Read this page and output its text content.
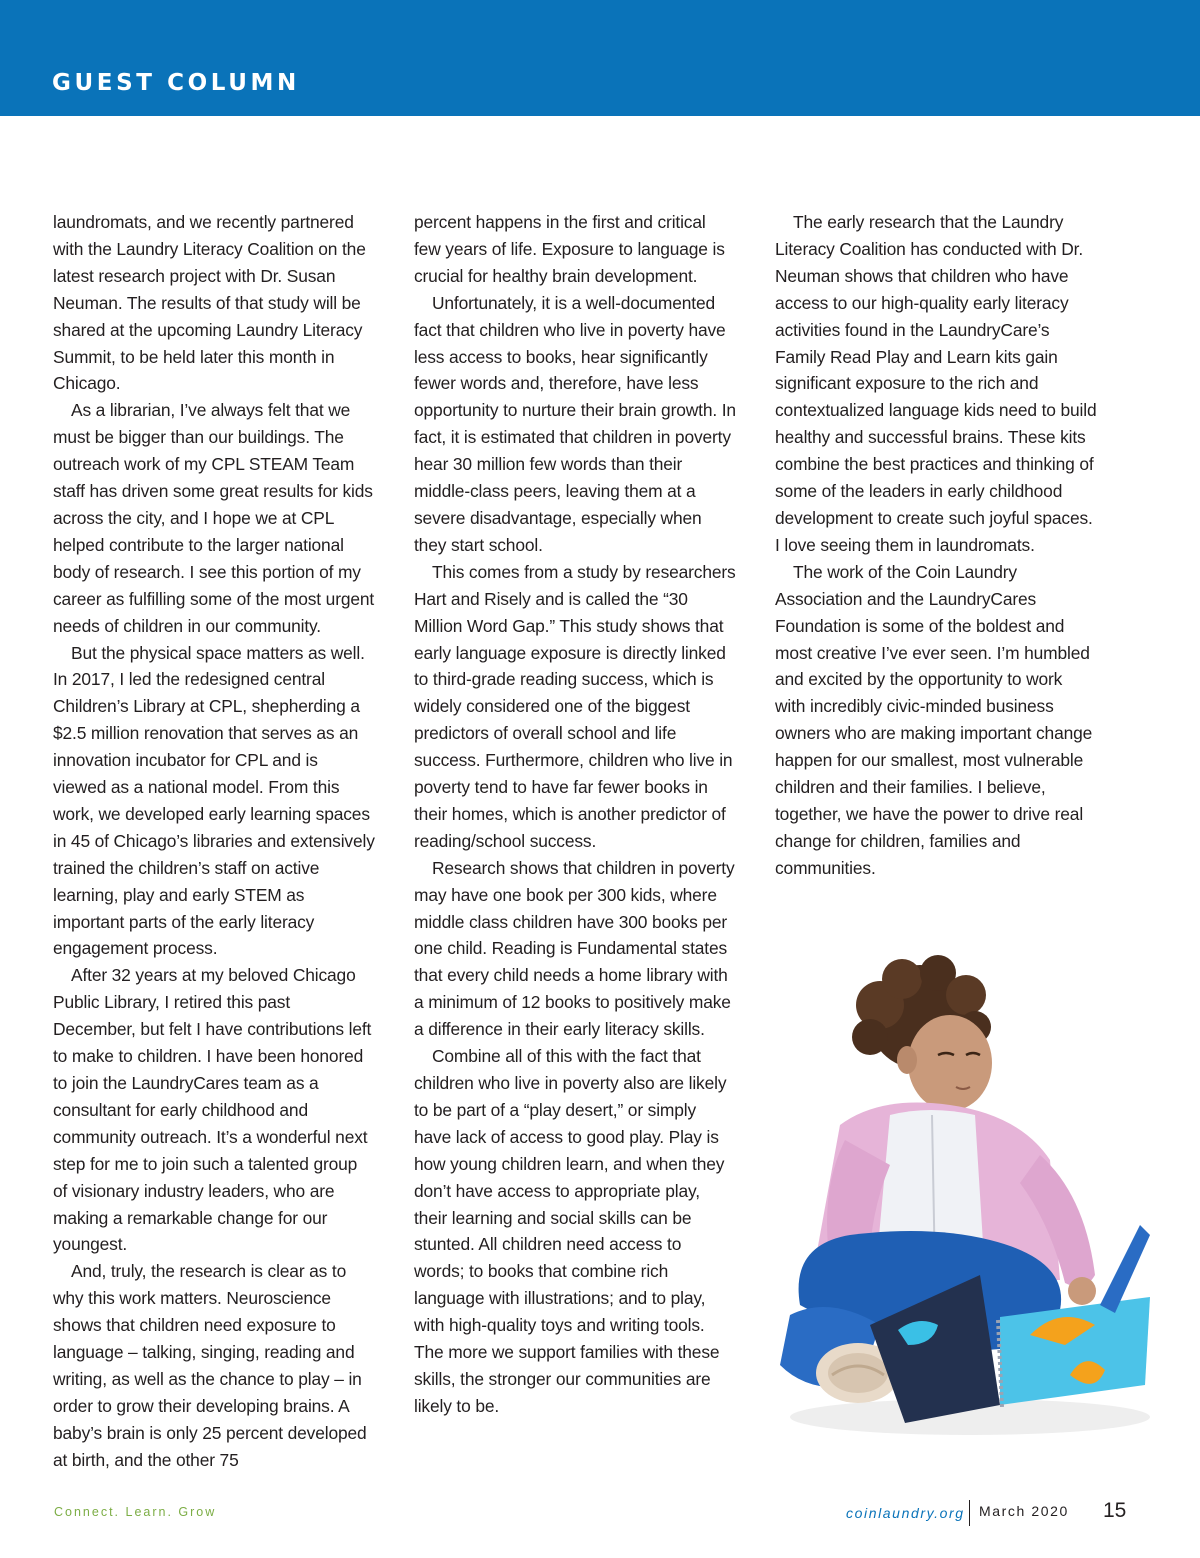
GUEST COLUMN

laundromats, and we recently partnered with the Laundry Literacy Coalition on the latest research project with Dr. Susan Neuman. The results of that study will be shared at the upcoming Laundry Literacy Summit, to be held later this month in Chicago.

As a librarian, I’ve always felt that we must be bigger than our buildings. The outreach work of my CPL STEAM Team staff has driven some great results for kids across the city, and I hope we at CPL helped contribute to the larger national body of research. I see this portion of my career as fulfilling some of the most urgent needs of children in our community.

But the physical space matters as well. In 2017, I led the redesigned central Children’s Library at CPL, shepherding a $2.5 million renovation that serves as an innovation incubator for CPL and is viewed as a national model. From this work, we developed early learning spaces in 45 of Chicago’s libraries and extensively trained the children’s staff on active learning, play and early STEM as important parts of the early literacy engagement process.

After 32 years at my beloved Chicago Public Library, I retired this past December, but felt I have contributions left to make to children. I have been honored to join the LaundryCares team as a consultant for early childhood and community outreach. It’s a wonderful next step for me to join such a talented group of visionary industry leaders, who are making a remarkable change for our youngest.

And, truly, the research is clear as to why this work matters. Neuroscience shows that children need exposure to language – talking, singing, reading and writing, as well as the chance to play – in order to grow their developing brains. A baby’s brain is only 25 percent developed at birth, and the other 75

percent happens in the first and critical few years of life. Exposure to language is crucial for healthy brain development.

Unfortunately, it is a well-documented fact that children who live in poverty have less access to books, hear significantly fewer words and, therefore, have less opportunity to nurture their brain growth. In fact, it is estimated that children in poverty hear 30 million few words than their middle-class peers, leaving them at a severe disadvantage, especially when they start school.

This comes from a study by researchers Hart and Risely and is called the “30 Million Word Gap.” This study shows that early language exposure is directly linked to third-grade reading success, which is widely considered one of the biggest predictors of overall school and life success. Furthermore, children who live in poverty tend to have far fewer books in their homes, which is another predictor of reading/school success.

Research shows that children in poverty may have one book per 300 kids, where middle class children have 300 books per one child. Reading is Fundamental states that every child needs a home library with a minimum of 12 books to positively make a difference in their early literacy skills.

Combine all of this with the fact that children who live in poverty also are likely to be part of a “play desert,” or simply have lack of access to good play. Play is how young children learn, and when they don’t have access to appropriate play, their learning and social skills can be stunted. All children need access to words; to books that combine rich language with illustrations; and to play, with high-quality toys and writing tools. The more we support families with these skills, the stronger our communities are likely to be.

The early research that the Laundry Literacy Coalition has conducted with Dr. Neuman shows that children who have access to our high-quality early literacy activities found in the LaundryCare’s Family Read Play and Learn kits gain significant exposure to the rich and contextualized language kids need to build healthy and successful brains. These kits combine the best practices and thinking of some of the leaders in early childhood development to create such joyful spaces. I love seeing them in laundromats.

The work of the Coin Laundry Association and the LaundryCares Foundation is some of the boldest and most creative I’ve ever seen. I’m humbled and excited by the opportunity to work with incredibly civic-minded business owners who are making important change happen for our smallest, most vulnerable children and their families. I believe, together, we have the power to drive real change for children, families and communities.

Connect. Learn. Grow	coinlaundry.org March 2020 15
